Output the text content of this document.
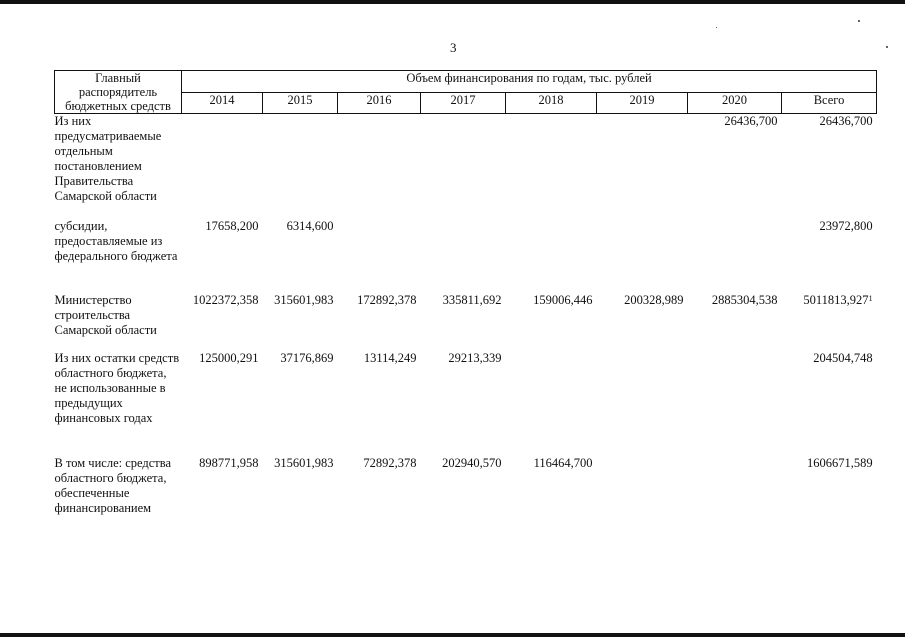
3
Главный распорядитель бюджетных средств	Объем финансирования по годам, тыс. рублей							
	2014	2015	2016	2017	2018	2019	2020	Всего
Из них предусматриваемые отдельным постановлением Правительства Самарской области							26436,700	26436,700
субсидии, предоставляемые из федерального бюджета	17658,200	6314,600						23972,800
Министерство строительства Самарской области	1022372,358	315601,983	172892,378	335811,692	159006,446	200328,989	2885304,538	5011813,927$^1$
Из них остатки средств областного бюджета, не использованные в предыдущих финансовых годах	125000,291	37176,869	13114,249	29213,339				204504,748
В том числе: средства областного бюджета, обеспеченные финансированием	898771,958	315601,983	72892,378	202940,570	116464,700			1606671,589
